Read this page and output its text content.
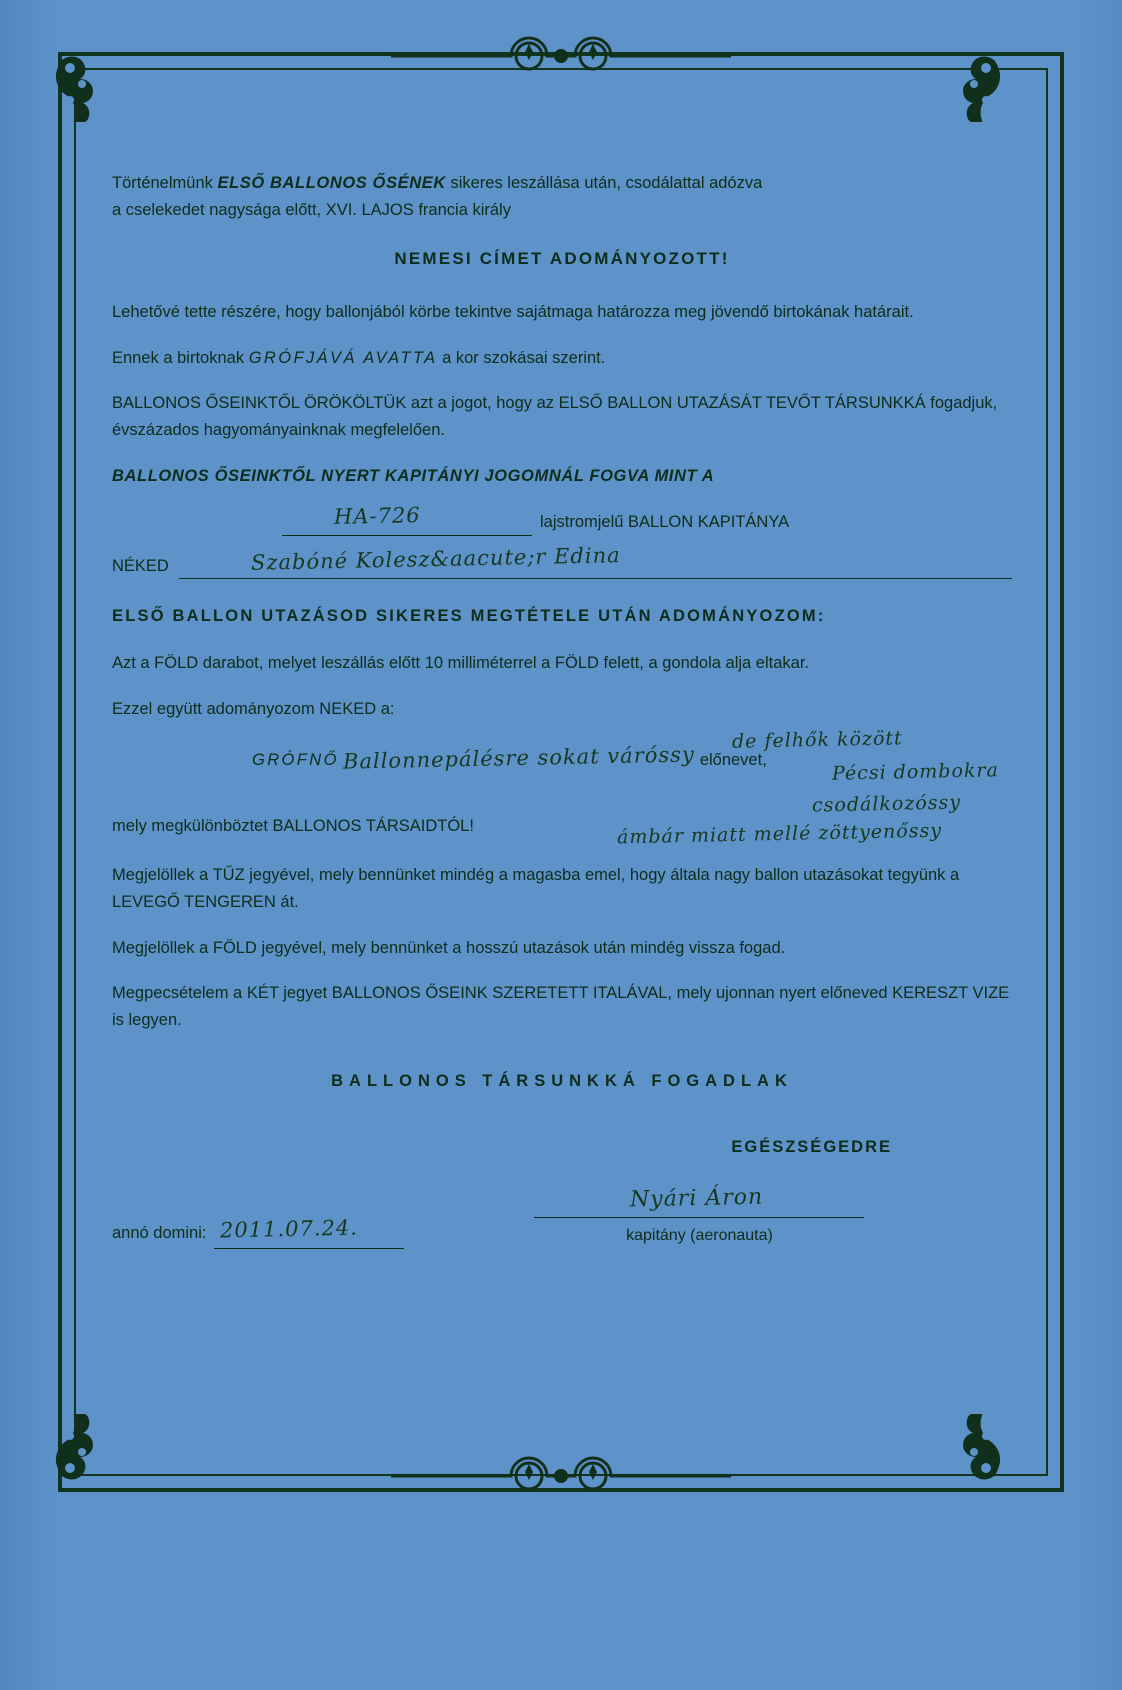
Történelmünk ELSŐ BALLONOS ŐSÉNEK sikeres leszállása után, csodálattal adózva
a cselekedet nagysága előtt, XVI. LAJOS francia király

NEMESI CÍMET ADOMÁNYOZOTT!

Lehetővé tette részére, hogy ballonjából körbe tekintve sajátmaga határozza meg jövendő birtokának határait.

Ennek a birtoknak GRÓFJÁVÁ AVATTA a kor szokásai szerint.

BALLONOS ŐSEINKTŐL ÖRÖKÖLTÜK azt a jogot, hogy az ELSŐ BALLON UTAZÁSÁT TEVŐT TÁRSUNKKÁ fogadjuk, évszázados hagyományainknak megfelelően.

BALLONOS ŐSEINKTŐL NYERT KAPITÁNYI JOGOMNÁL FOGVA MINT A

HA-726	lajstromjelű BALLON KAPITÁNYA
NÉKED	Szabóné Kolesz&aacute;r Edina
ELSŐ BALLON UTAZÁSOD SIKERES MEGTÉTELE UTÁN ADOMÁNYOZOM:

Azt a FÖLD darabot, melyet leszállás előtt 10 milliméterrel a FÖLD felett, a gondola alja eltakar.

Ezzel együtt adományozom NEKED a:

GRÓFNŐ Ballonnepálésre sokat váróssy előnevet,
de felhők között
Pécsi dombokra
csodálkozóssy
ámbár miatt mellé zöttyenőssy

mely megkülönböztet BALLONOS TÁRSAIDTÓL!

Megjelöllek a TŰZ jegyével, mely bennünket mindég a magasba emel, hogy általa nagy ballon utazásokat tegyünk a LEVEGŐ TENGEREN át.

Megjelöllek a FÖLD jegyével, mely bennünket a hosszú utazások után mindég vissza fogad.

Megpecsételem a KÉT jegyet BALLONOS ŐSEINK SZERETETT ITALÁVAL, mely ujonnan nyert előneved KERESZT VIZE is legyen.

BALLONOS TÁRSUNKKÁ FOGADLAK
EGÉSZSÉGEDRE
annó domini: 2011.07.24.
Nyári Áron
kapitány (aeronauta)
